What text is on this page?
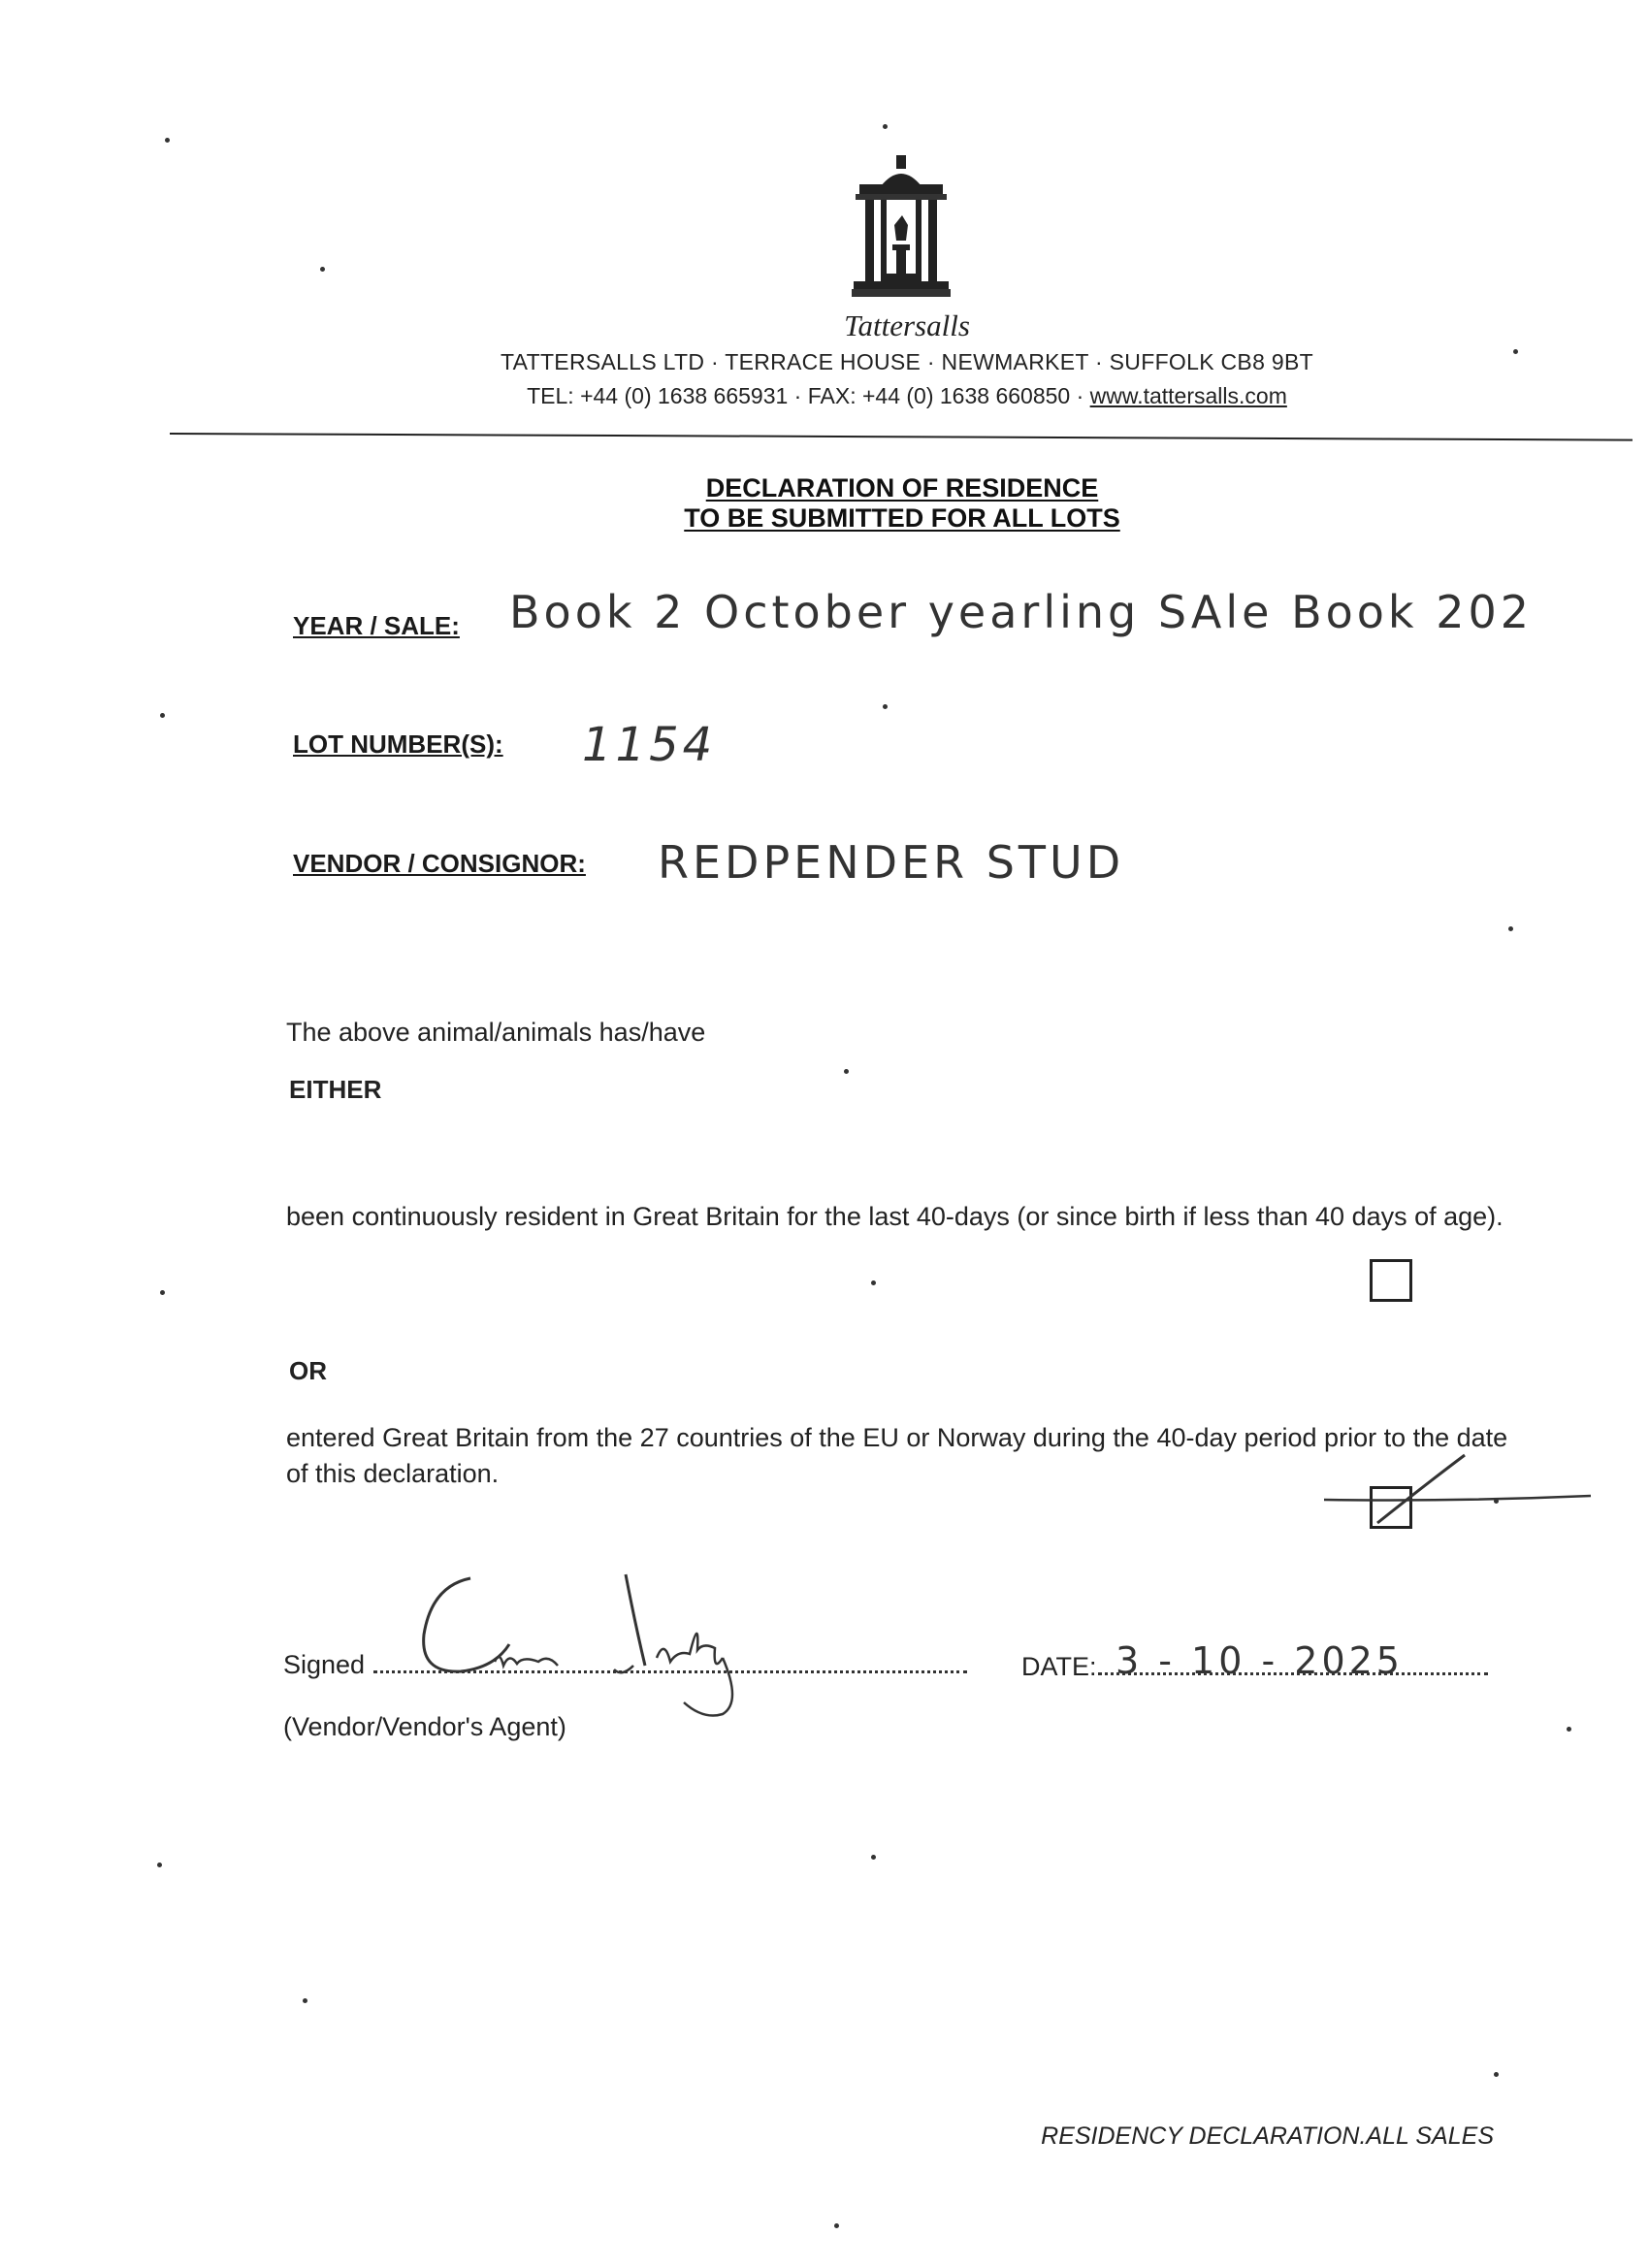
Tattersalls
TATTERSALLS LTD · TERRACE HOUSE · NEWMARKET · SUFFOLK CB8 9BT
TEL: +44 (0) 1638 665931 · FAX: +44 (0) 1638 660850 · www.tattersalls.com
DECLARATION OF RESIDENCE
TO BE SUBMITTED FOR ALL LOTS
YEAR / SALE: Book 2 October yearling SAle Book 202
LOT NUMBER(S): 1154
VENDOR / CONSIGNOR: REDPENDER STUD
The above animal/animals has/have
EITHER
been continuously resident in Great Britain for the last 40-days (or since birth if less than 40 days of age).
OR
entered Great Britain from the 27 countries of the EU or Norway during the 40-day period prior to the date of this declaration.
Signed	DATE: 3 - 10 - 2025
(Vendor/Vendor's Agent)
RESIDENCY DECLARATION.ALL SALES
